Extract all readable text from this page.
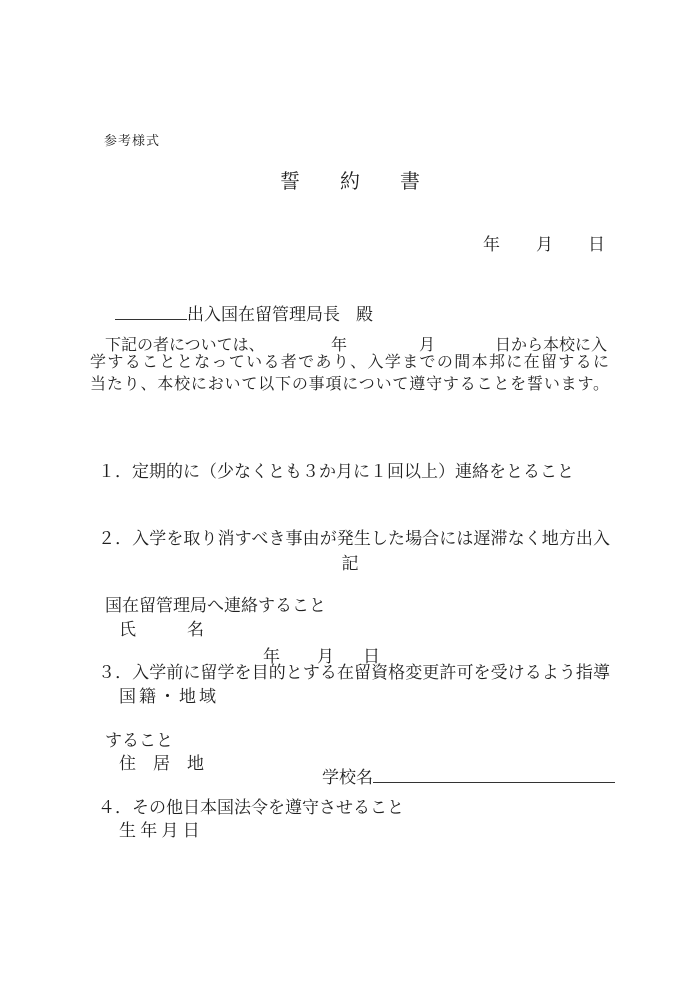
参考様式
誓　　約　　書
年 月 日

出入国在留管理局長 殿

　下記の者については、	年	月	日から本校に入
学することとなっている者であり、入学までの間本邦に在留するに
当たり、本校において以下の事項について遵守することを誓います。

１．定期的に（少なくとも３か月に１回以上）連絡をとること

２．入学を取り消すべき事由が発生した場合には遅滞なく地方出入

国在留管理局へ連絡すること

３．入学前に留学を目的とする在留資格変更許可を受けるよう指導

すること

４．その他日本国法令を遵守させること

記

氏　　　名

国籍・地域

住　居　地

生 年 月 日

年 月 日

学校名
